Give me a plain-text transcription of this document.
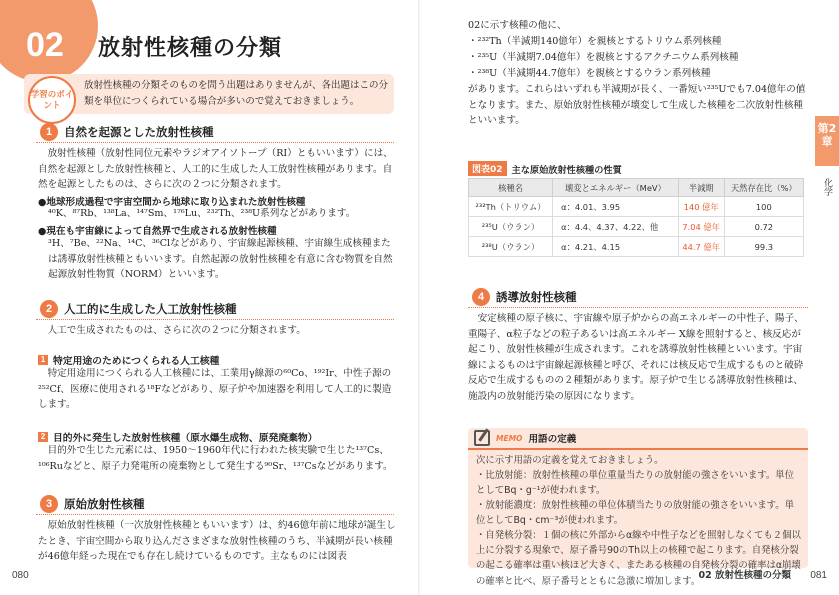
02 放射性核種の分類
学習のポイント
放射性核種の分類そのものを問う出題はありませんが、各出題はこの分類を単位につくられている場合が多いので覚えておきましょう。
1	自然を起源とした放射性核種
放射性核種（放射性同位元素やラジオアイソトープ（RI）ともいいます）には、自然を起源とした放射性核種と、人工的に生成した人工放射性核種があります。自然を起源としたものは、さらに次の２つに分類されます。
●地球形成過程で宇宙空間から地球に取り込まれた放射性核種
⁴⁰K、⁸⁷Rb、¹³⁸La、¹⁴⁷Sm、¹⁷⁶Lu、²³²Th、²³⁸U系列などがあります。
●現在も宇宙線によって自然界で生成される放射性核種
³H、⁷Be、²²Na、¹⁴C、³⁶Clなどがあり、宇宙線起源核種、宇宙線生成核種または誘導放射性核種ともいいます。自然起源の放射性核種を有意に含む物質を自然起源放射性物質（NORM）といいます。
2	人工的に生成した人工放射性核種
人工で生成されたものは、さらに次の２つに分類されます。
1 特定用途のためにつくられる人工核種
特定用途用につくられる人工核種には、工業用γ線源の⁶⁰Co、¹⁹²Ir、中性子源の²⁵²Cf、医療に使用される¹⁸Fなどがあり、原子炉や加速器を利用して人工的に製造します。
2 目的外に発生した放射性核種（原水爆生成物、原発廃棄物）
目的外で生じた元素には、1950～1960年代に行われた核実験で生じた¹³⁷Cs、¹⁰⁶Ruなどと、原子力発電所の廃棄物として発生する⁹⁰Sr、¹³⁷Csなどがあります。
3	原始放射性核種
原始放射性核種（一次放射性核種ともいいます）は、約46億年前に地球が誕生したとき、宇宙空間から取り込んださまざまな放射性核種のうち、半減期が長い核種が46億年経った現在でも存在し続けているものです。主なものには図表
080
02に示す核種の他に、
・²³²Th（半減期140億年）を親核とするトリウム系列核種
・²³⁵U（半減期7.04億年）を親核とするアクチニウム系列核種
・²³⁸U（半減期44.7億年）を親核とするウラン系列核種
があります。これらはいずれも半減期が長く、一番短い²³⁵Uでも7.04億年の値となります。また、原始放射性核種が壊変して生成した核種を二次放射性核種といいます。
図表02 主な原始放射性核種の性質
核種名	壊変とエネルギー（MeV）	半減期	天然存在比（%）
²³²Th（トリウム）	α：4.01、3.95	140 億年	100
²³⁵U（ウラン）	α：4.4、4.37、4.22、他	7.04 億年	0.72
²³⁸U（ウラン）	α：4.21、4.15	44.7 億年	99.3
4	誘導放射性核種
安定核種の原子核に、宇宙線や原子炉からの高エネルギーの中性子、陽子、重陽子、α粒子などの粒子あるいは高エネルギー X線を照射すると、核反応が起こり、放射性核種が生成されます。これを誘導放射性核種といいます。宇宙線によるものは宇宙線起源核種と呼び、それには核反応で生成するものと破砕反応で生成するものの２種類があります。原子炉で生じる誘導放射性核種は、施設内の放射能汚染の原因になります。
MEMO 用語の定義
次に示す用語の定義を覚えておきましょう。
・比放射能：放射性核種の単位重量当たりの放射能の強さをいいます。単位としてBq・g⁻¹が使われます。
・放射能濃度：放射性核種の単位体積当たりの放射能の強さをいいます。単位としてBq・cm⁻³が使われます。
・自発核分裂：１個の核に外部からα線や中性子などを照射しなくても２個以上に分裂する現象で、原子番号90のTh以上の核種で起こります。自発核分裂の起こる確率は重い核ほど大きく、またある核種の自発核分裂の確率はα崩壊の確率と比べ、原子番号とともに急激に増加します。
第2章
化学
02 放射性核種の分類 081
